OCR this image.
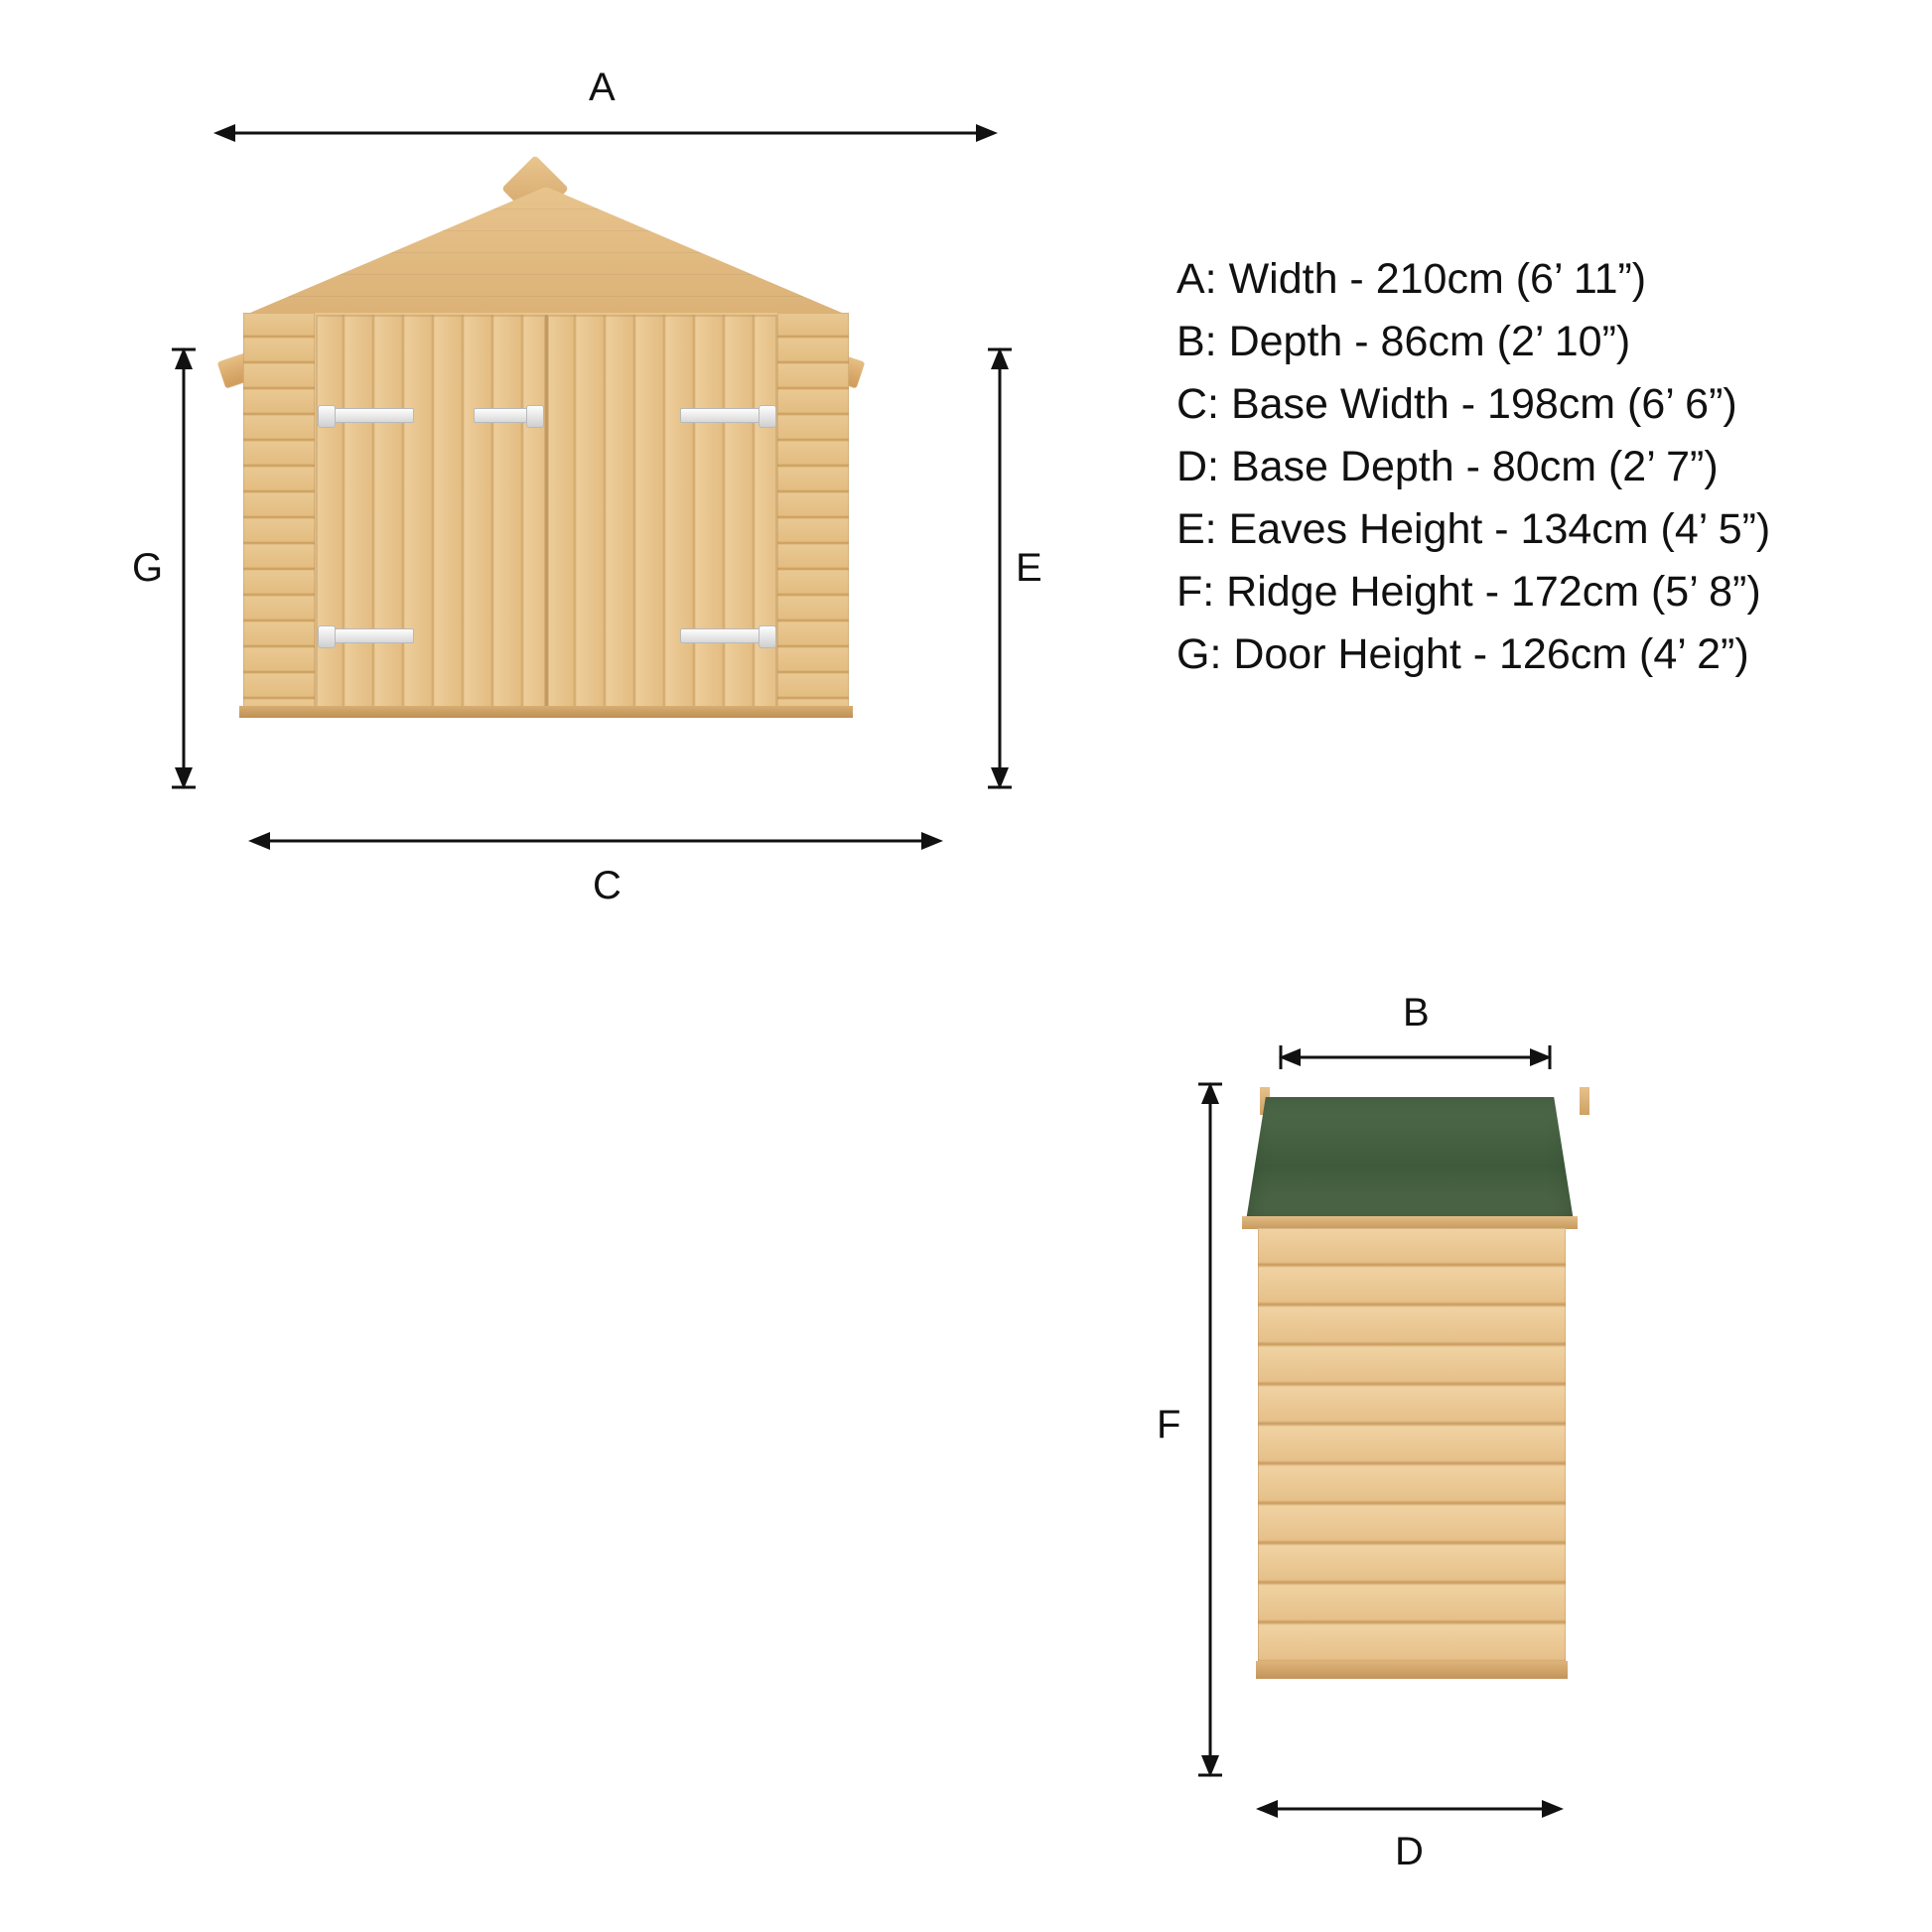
A
C
G	E
A: Width - 210cm (6’ 11”)
B: Depth - 86cm (2’ 10”)
C: Base Width - 198cm (6’ 6”)
D: Base Depth - 80cm (2’ 7”)
E: Eaves Height - 134cm (4’ 5”)
F: Ridge Height - 172cm (5’ 8”)
G: Door Height - 126cm (4’ 2”)
B
D
F
